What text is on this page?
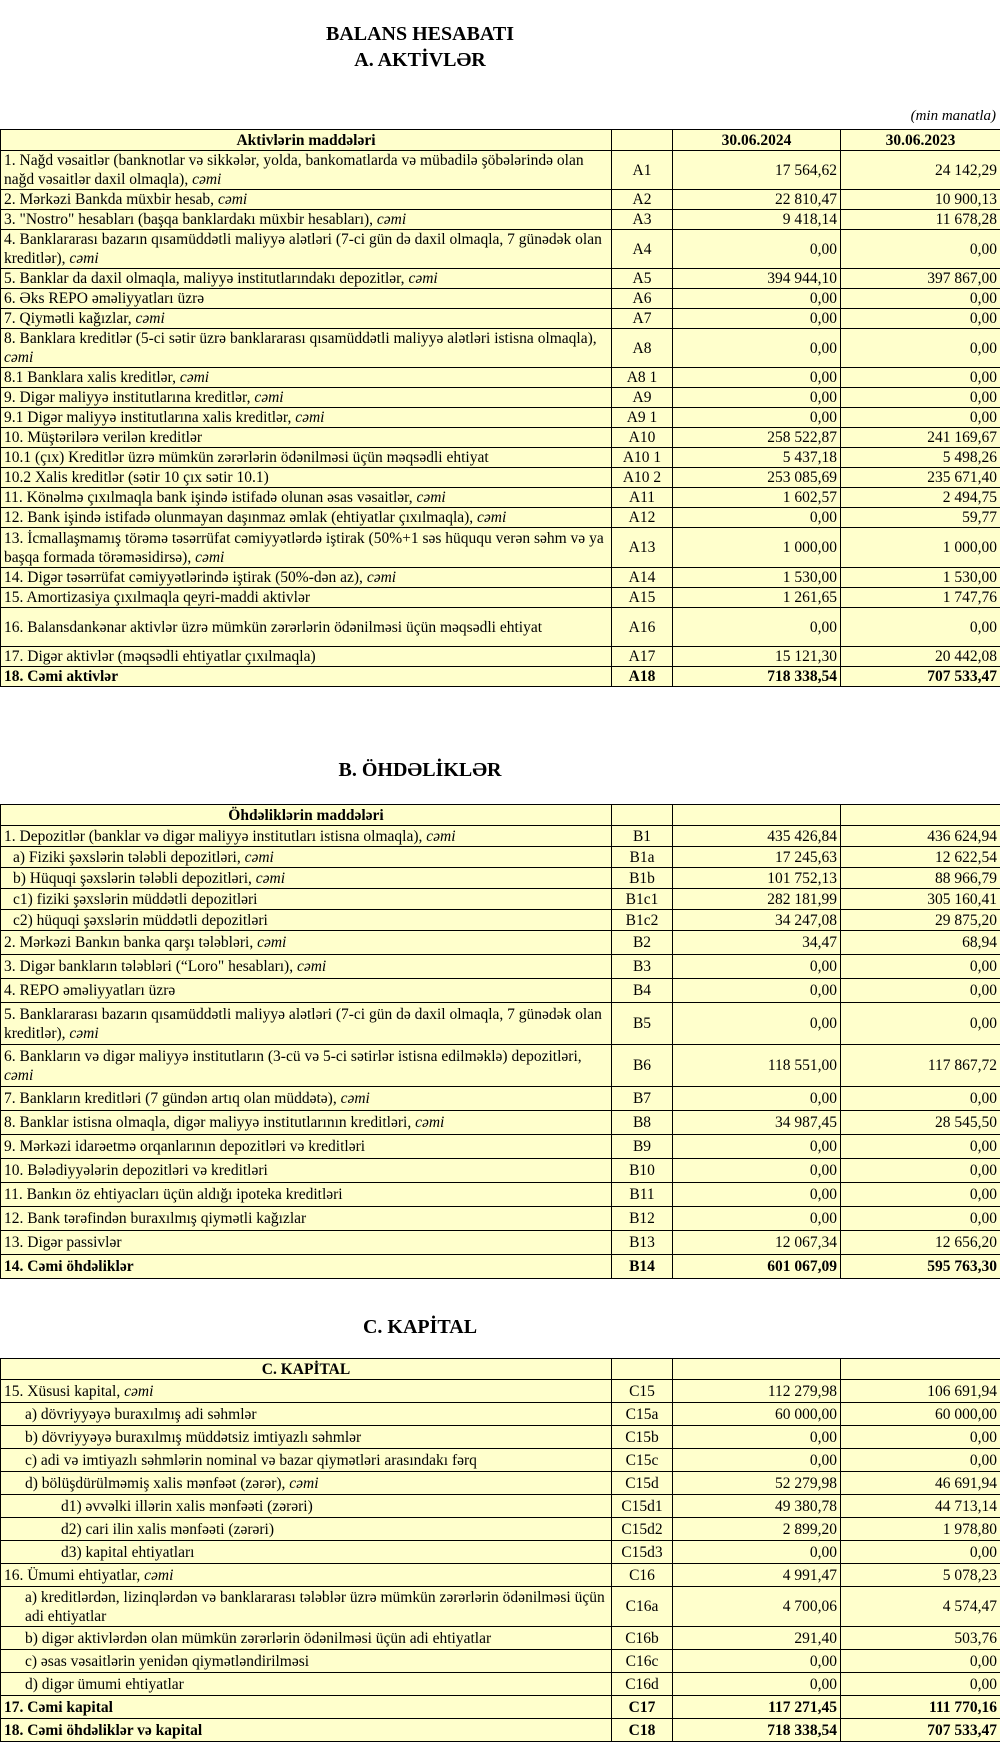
BALANS HESABATI
A. AKTİVLƏR
(min manatla)
Aktivlərin maddələri		30.06.2024	30.06.2023
1. Nağd vəsaitlər (banknotlar və sikkələr, yolda, bankomatlarda və mübadilə şöbələrində olan nağd vəsaitlər daxil olmaqla), cəmi	A1	17 564,62	24 142,29
2. Mərkəzi Bankda müxbir hesab, cəmi	A2	22 810,47	10 900,13
3. "Nostro" hesabları (başqa banklardakı müxbir hesabları), cəmi	A3	9 418,14	11 678,28
4. Banklararası bazarın qısamüddətli maliyyə alətləri (7-ci gün də daxil olmaqla, 7 günədək olan kreditlər), cəmi	A4	0,00	0,00
5. Banklar da daxil olmaqla, maliyyə institutlarındakı depozitlər, cəmi	A5	394 944,10	397 867,00
6. Əks REPO əməliyyatları üzrə	A6	0,00	0,00
7. Qiymətli kağızlar, cəmi	A7	0,00	0,00
8. Banklara kreditlər (5-ci sətir üzrə banklararası qısamüddətli maliyyə alətləri istisna olmaqla), cəmi	A8	0,00	0,00
8.1 Banklara xalis kreditlər, cəmi	A8 1	0,00	0,00
9. Digər maliyyə institutlarına kreditlər, cəmi	A9	0,00	0,00
9.1 Digər maliyyə institutlarına xalis kreditlər, cəmi	A9 1	0,00	0,00
10. Müştərilərə verilən kreditlər	A10	258 522,87	241 169,67
10.1 (çıx) Kreditlər üzrə mümkün zərərlərin ödənilməsi üçün məqsədli ehtiyat	A10 1	5 437,18	5 498,26
10.2 Xalis kreditlər (sətir 10 çıx sətir 10.1)	A10 2	253 085,69	235 671,40
11. Könəlmə çıxılmaqla bank işində istifadə olunan əsas vəsaitlər, cəmi	A11	1 602,57	2 494,75
12. Bank işində istifadə olunmayan daşınmaz əmlak (ehtiyatlar çıxılmaqla), cəmi	A12	0,00	59,77
13. İcmallaşmamış törəmə təsərrüfat cəmiyyətlərdə iştirak (50%+1 səs hüququ verən səhm və ya başqa formada törəməsidirsə), cəmi	A13	1 000,00	1 000,00
14. Digər təsərrüfat cəmiyyətlərində iştirak (50%-dən az), cəmi	A14	1 530,00	1 530,00
15. Amortizasiya çıxılmaqla qeyri-maddi aktivlər	A15	1 261,65	1 747,76
16. Balansdankənar aktivlər üzrə mümkün zərərlərin ödənilməsi üçün məqsədli ehtiyat	A16	0,00	0,00
17. Digər aktivlər (məqsədli ehtiyatlar çıxılmaqla)	A17	15 121,30	20 442,08
18. Cəmi aktivlər	A18	718 338,54	707 533,47
B. ÖHDƏLİKLƏR
Öhdəliklərin maddələri			
1. Depozitlər (banklar və digər maliyyə institutları istisna olmaqla), cəmi	B1	435 426,84	436 624,94
a) Fiziki şəxslərin tələbli depozitləri, cəmi	B1a	17 245,63	12 622,54
b) Hüquqi şəxslərin tələbli depozitləri, cəmi	B1b	101 752,13	88 966,79
c1) fiziki şəxslərin müddətli depozitləri	B1c1	282 181,99	305 160,41
c2) hüquqi şəxslərin müddətli depozitləri	B1c2	34 247,08	29 875,20
2. Mərkəzi Bankın banka qarşı tələbləri, cəmi	B2	34,47	68,94
3. Digər bankların tələbləri (“Loro" hesabları), cəmi	B3	0,00	0,00
4. REPO əməliyyatları üzrə	B4	0,00	0,00
5. Banklararası bazarın qısamüddətli maliyyə alətləri (7-ci gün də daxil olmaqla, 7 günədək olan kreditlər), cəmi	B5	0,00	0,00
6. Bankların və digər maliyyə institutların (3-cü və 5-ci sətirlər istisna edilməklə) depozitləri, cəmi	B6	118 551,00	117 867,72
7. Bankların kreditləri (7 gündən artıq olan müddətə), cəmi	B7	0,00	0,00
8. Banklar istisna olmaqla, digər maliyyə institutlarının kreditləri, cəmi	B8	34 987,45	28 545,50
9. Mərkəzi idarəetmə orqanlarının depozitləri və kreditləri	B9	0,00	0,00
10. Bələdiyyələrin depozitləri və kreditləri	B10	0,00	0,00
11. Bankın öz ehtiyacları üçün aldığı ipoteka kreditləri	B11	0,00	0,00
12. Bank tərəfindən buraxılmış qiymətli kağızlar	B12	0,00	0,00
13. Digər passivlər	B13	12 067,34	12 656,20
14. Cəmi öhdəliklər	B14	601 067,09	595 763,30
C. KAPİTAL
C. KAPİTAL			
15. Xüsusi kapital, cəmi	C15	112 279,98	106 691,94
a) dövriyyəyə buraxılmış adi səhmlər	C15a	60 000,00	60 000,00
b) dövriyyəyə buraxılmış müddətsiz imtiyazlı səhmlər	C15b	0,00	0,00
c) adi və imtiyazlı səhmlərin nominal və bazar qiymətləri arasındakı fərq	C15c	0,00	0,00
d) bölüşdürülməmiş xalis mənfəət (zərər), cəmi	C15d	52 279,98	46 691,94
d1) əvvəlki illərin xalis mənfəəti (zərəri)	C15d1	49 380,78	44 713,14
d2) cari ilin xalis mənfəəti (zərəri)	C15d2	2 899,20	1 978,80
d3) kapital ehtiyatları	C15d3	0,00	0,00
16. Ümumi ehtiyatlar, cəmi	C16	4 991,47	5 078,23
a) kreditlərdən, lizinqlərdən və banklararası tələblər üzrə mümkün zərərlərin ödənilməsi üçün adi ehtiyatlar	C16a	4 700,06	4 574,47
b) digər aktivlərdən olan mümkün zərərlərin ödənilməsi üçün adi ehtiyatlar	C16b	291,40	503,76
c) əsas vəsaitlərin yenidən qiymətləndirilməsi	C16c	0,00	0,00
d) digər ümumi ehtiyatlar	C16d	0,00	0,00
17. Cəmi kapital	C17	117 271,45	111 770,16
18. Cəmi öhdəliklər və kapital	C18	718 338,54	707 533,47
